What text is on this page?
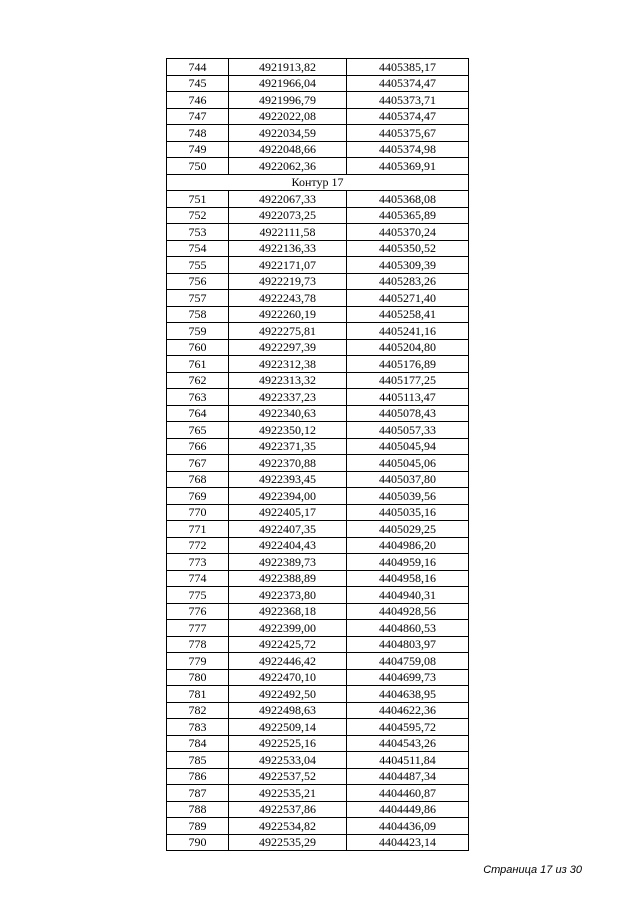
744	4921913,82	4405385,17
745	4921966,04	4405374,47
746	4921996,79	4405373,71
747	4922022,08	4405374,47
748	4922034,59	4405375,67
749	4922048,66	4405374,98
750	4922062,36	4405369,91
Контур 17		
751	4922067,33	4405368,08
752	4922073,25	4405365,89
753	4922111,58	4405370,24
754	4922136,33	4405350,52
755	4922171,07	4405309,39
756	4922219,73	4405283,26
757	4922243,78	4405271,40
758	4922260,19	4405258,41
759	4922275,81	4405241,16
760	4922297,39	4405204,80
761	4922312,38	4405176,89
762	4922313,32	4405177,25
763	4922337,23	4405113,47
764	4922340,63	4405078,43
765	4922350,12	4405057,33
766	4922371,35	4405045,94
767	4922370,88	4405045,06
768	4922393,45	4405037,80
769	4922394,00	4405039,56
770	4922405,17	4405035,16
771	4922407,35	4405029,25
772	4922404,43	4404986,20
773	4922389,73	4404959,16
774	4922388,89	4404958,16
775	4922373,80	4404940,31
776	4922368,18	4404928,56
777	4922399,00	4404860,53
778	4922425,72	4404803,97
779	4922446,42	4404759,08
780	4922470,10	4404699,73
781	4922492,50	4404638,95
782	4922498,63	4404622,36
783	4922509,14	4404595,72
784	4922525,16	4404543,26
785	4922533,04	4404511,84
786	4922537,52	4404487,34
787	4922535,21	4404460,87
788	4922537,86	4404449,86
789	4922534,82	4404436,09
790	4922535,29	4404423,14
Страница 17 из 30
